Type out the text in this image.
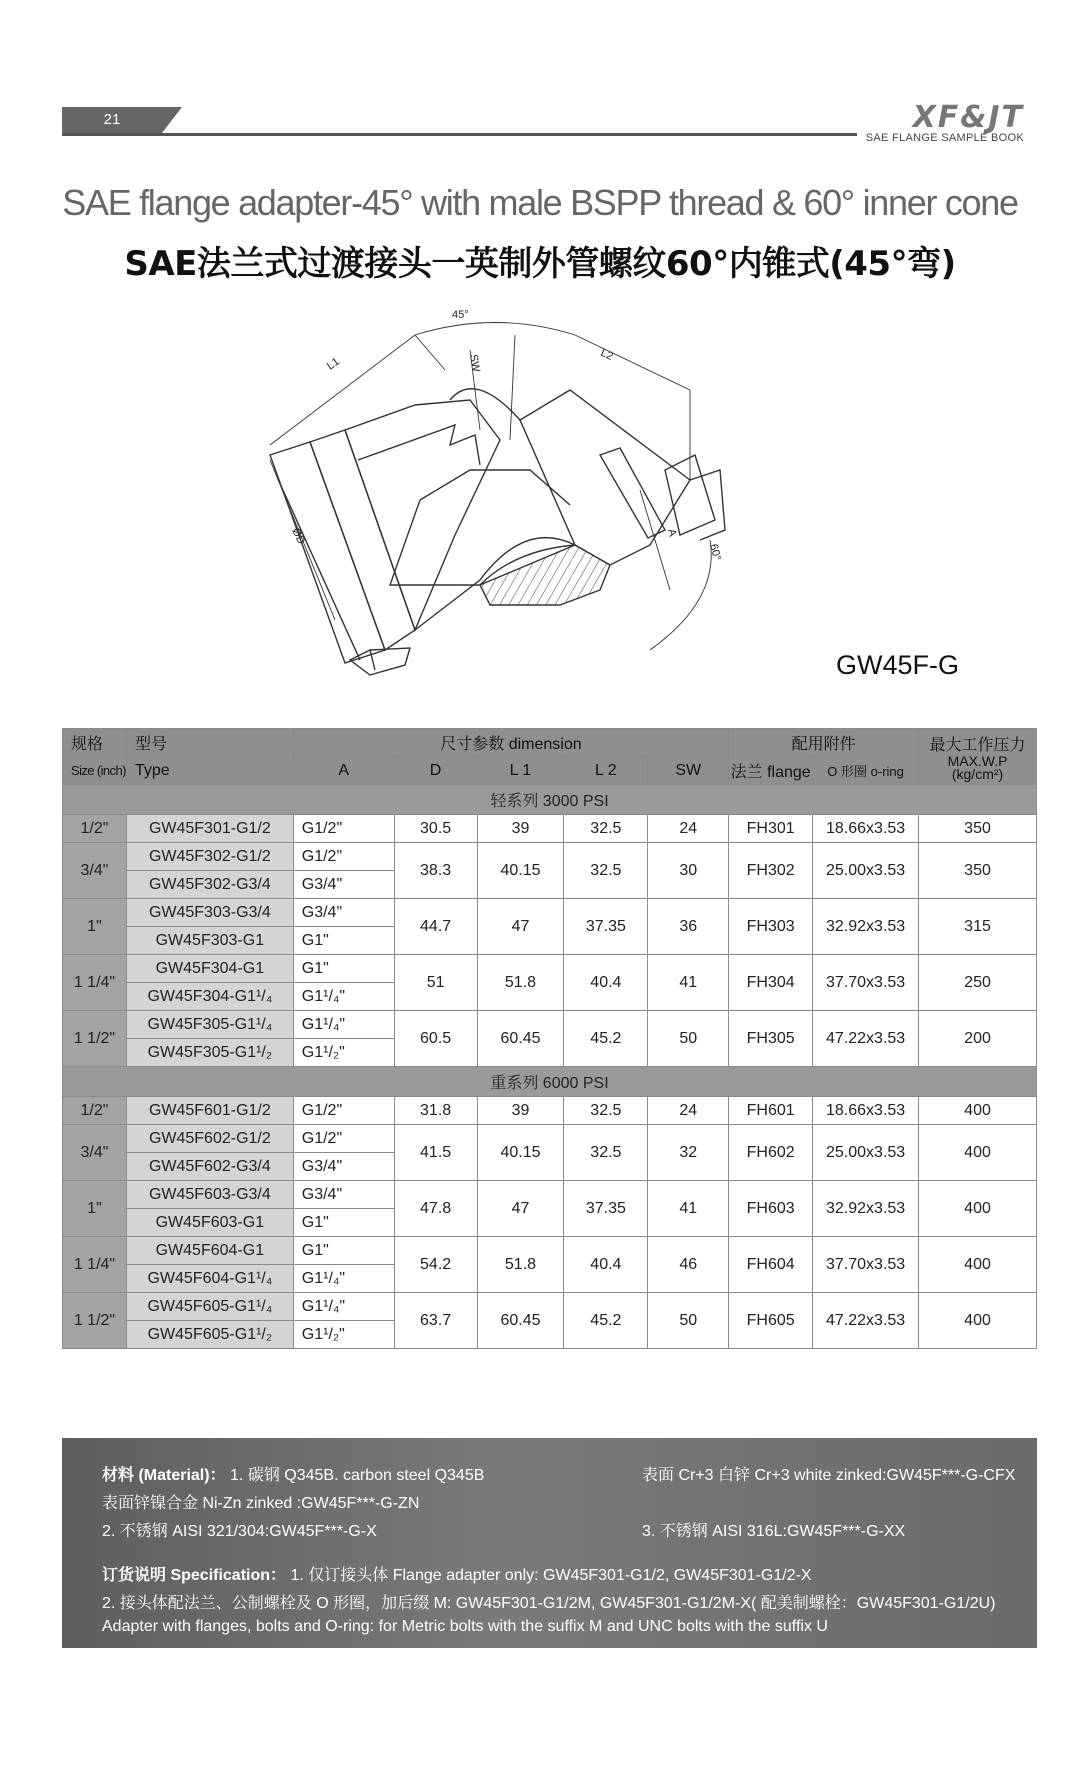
21	XF&JT
SAE FLANGE SAMPLE BOOK
SAE flange adapter-45° with male BSPP thread & 60° inner cone
SAE法兰式过渡接头一英制外管螺纹60°内锥式(45°弯)
45°
L1
L2
SW
ØD	A
60°
GW45F-G
规格	型号	尺寸参数 dimension					配用附件		最大工作压力
MAX.W.P
(kg/cm²)

Size (inch)	Type	A	D	L 1	L 2	SW	法兰 flange	O 形圈 o-ring	
轻系列 3000 PSI									
1/2"	GW45F301-G1/2	G1/2"	30.5	39	32.5	24	FH301	18.66x3.53	350
3/4"	GW45F302-G1/2	G1/2"	38.3	40.15	32.5	30	FH302	25.00x3.53	350
	GW45F302-G3/4	G3/4"							
1"	GW45F303-G3/4	G3/4"	44.7	47	37.35	36	FH303	32.92x3.53	315
	GW45F303-G1	G1"							
1 1/4"	GW45F304-G1	G1"	51	51.8	40.4	41	FH304	37.70x3.53	250
	GW45F304-G1¹/₄	G1¹/₄"							
1 1/2"	GW45F305-G1¹/₄	G1¹/₄"	60.5	60.45	45.2	50	FH305	47.22x3.53	200
	GW45F305-G1¹/₂	G1¹/₂"							
重系列 6000 PSI									
1/2"	GW45F601-G1/2	G1/2"	31.8	39	32.5	24	FH601	18.66x3.53	400
3/4"	GW45F602-G1/2	G1/2"	41.5	40.15	32.5	32	FH602	25.00x3.53	400
	GW45F602-G3/4	G3/4"							
1"	GW45F603-G3/4	G3/4"	47.8	47	37.35	41	FH603	32.92x3.53	400
	GW45F603-G1	G1"							
1 1/4"	GW45F604-G1	G1"	54.2	51.8	40.4	46	FH604	37.70x3.53	400
	GW45F604-G1¹/₄	G1¹/₄"							
1 1/2"	GW45F605-G1¹/₄	G1¹/₄"	63.7	60.45	45.2	50	FH605	47.22x3.53	400
	GW45F605-G1¹/₂	G1¹/₂"							
材料 (Material)： 1. 碳钢 Q345B. carbon steel Q345B	表面 Cr+3 白锌 Cr+3 white zinked:GW45F***-G-CFX
表面锌镍合金 Ni-Zn zinked :GW45F***-G-ZN
2. 不锈钢 AISI 321/304:GW45F***-G-X	3. 不锈钢 AISI 316L:GW45F***-G-XX
订货说明 Specification： 1. 仅订接头体 Flange adapter only: GW45F301-G1/2, GW45F301-G1/2-X
2. 接头体配法兰、公制螺栓及 O 形圈，加后缀 M: GW45F301-G1/2M, GW45F301-G1/2M-X( 配美制螺栓：GW45F301-G1/2U)
Adapter with flanges, bolts and O-ring: for Metric bolts with the suffix M and UNC bolts with the suffix U
